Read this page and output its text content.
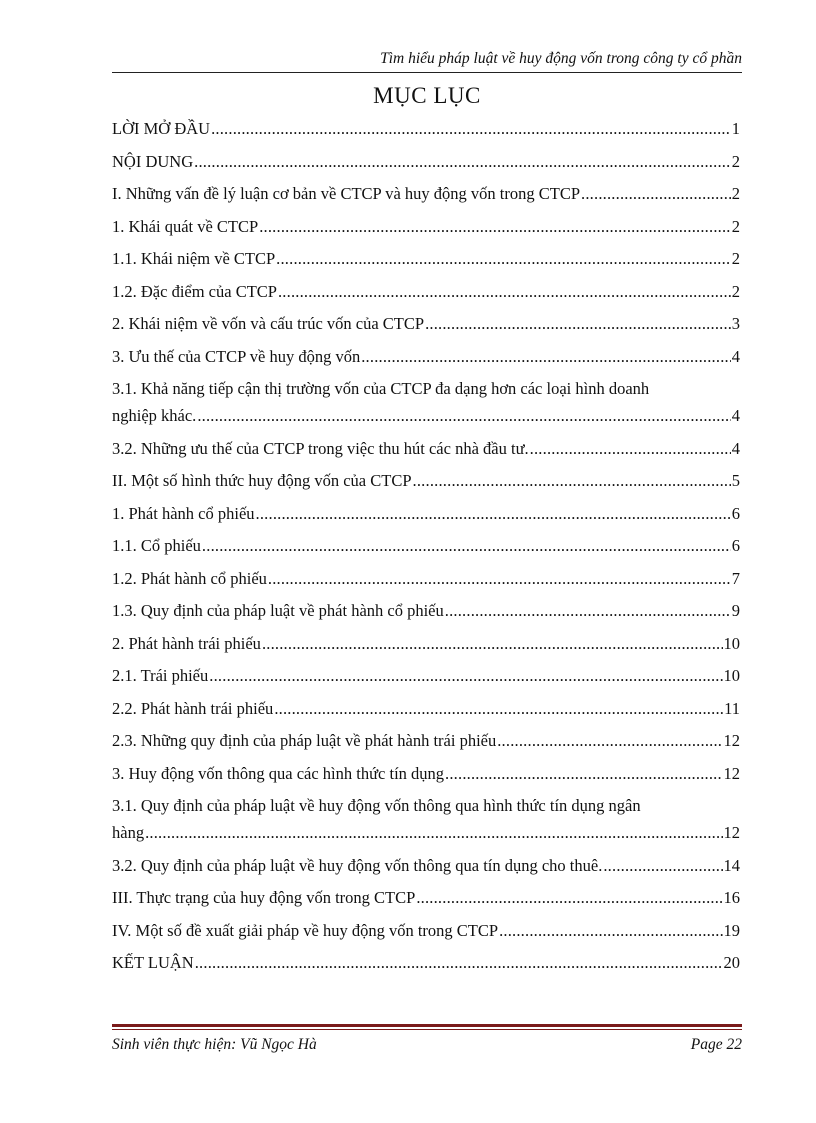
Tìm hiểu pháp luật về huy động vốn trong công ty cổ phần
MỤC LỤC
LỜI MỞ ĐẦU .....	1
NỘI DUNG .....	2
I. Những vấn đề lý luận cơ bản về CTCP và huy động vốn trong CTCP .....	2
1. Khái quát về CTCP .....	2
1.1. Khái niệm về CTCP .....	2
1.2. Đặc điểm của CTCP .....	2
2. Khái niệm về vốn và cấu trúc vốn của CTCP .....	3
3. Ưu thế của CTCP về huy động vốn .....	4
3.1. Khả năng tiếp cận thị trường vốn của CTCP đa dạng hơn các loại hình doanh
nghiệp khác. .....	4
3.2. Những ưu thế của CTCP trong việc thu hút các nhà đầu tư. .....	4
II. Một số hình thức huy động vốn của CTCP .....	5
1. Phát hành cổ phiếu .....	6
1.1. Cổ phiếu .....	6
1.2. Phát hành cổ phiếu .....	7
1.3. Quy định của pháp luật về phát hành cổ phiếu .....	9
2. Phát hành trái phiếu .....	10
2.1. Trái phiếu .....	10
2.2. Phát hành trái phiếu .....	11
2.3. Những quy định của pháp luật về phát hành trái phiếu .....	12
3. Huy động vốn thông qua các hình thức tín dụng .....	12
3.1. Quy định của pháp luật về huy động vốn thông qua hình thức tín dụng ngân
hàng .....	12
3.2. Quy định của pháp luật về huy động vốn thông qua tín dụng cho thuê. .....	14
III. Thực trạng của huy động vốn trong CTCP .....	16
IV. Một số đề xuất giải pháp về huy động vốn trong CTCP .....	19
KẾT LUẬN .....	20
Sinh viên thực hiện: Vũ Ngọc Hà	Page 22
